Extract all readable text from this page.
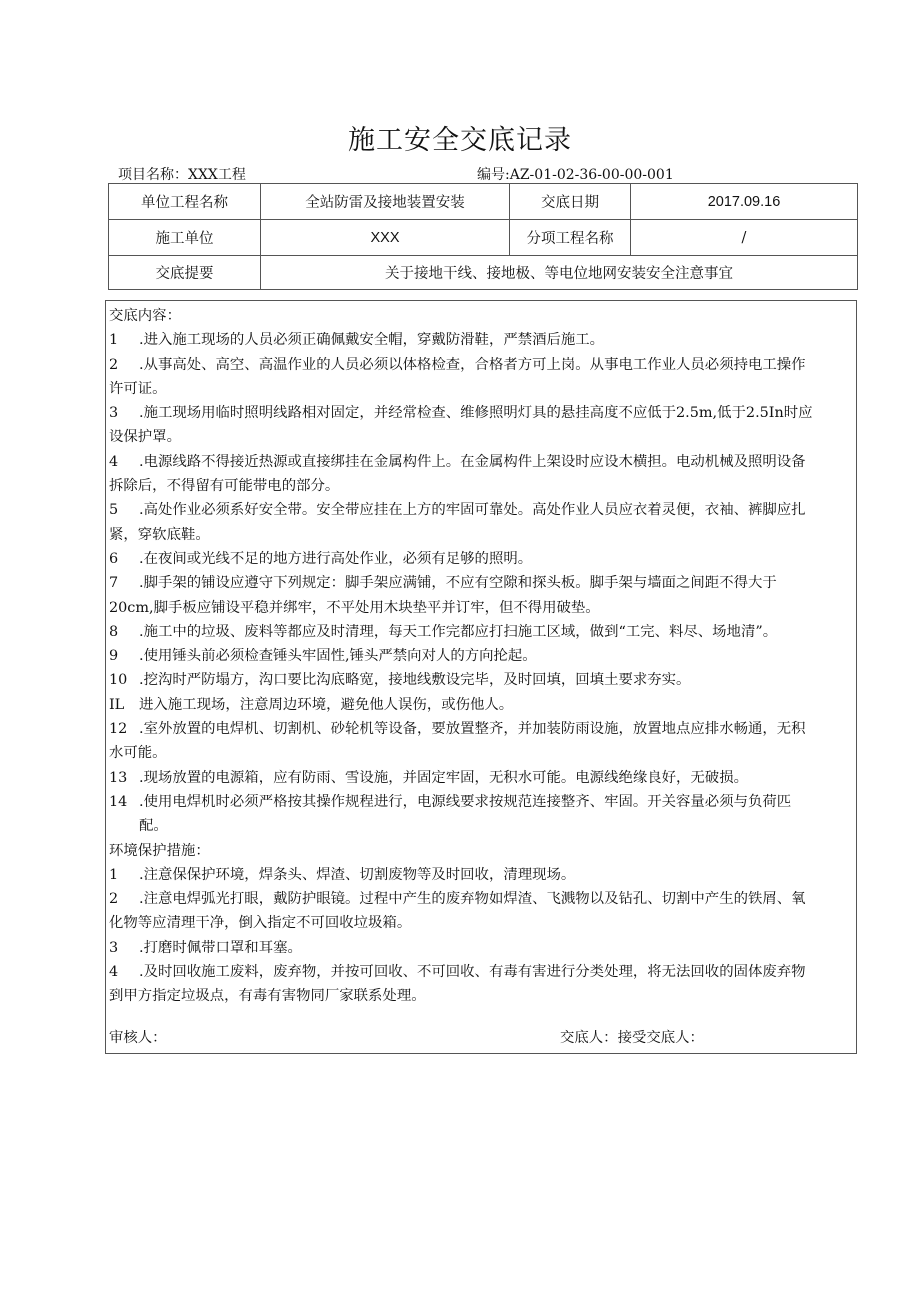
施工安全交底记录
项目名称：XXX工程	编号:AZ-01-02-36-00-00-001
单位工程名称	全站防雷及接地装置安装	交底日期	2017.09.16
施工单位	XXX	分项工程名称	/
交底提要	关于接地干线、接地极、等电位地网安装安全注意事宜		

交底内容：

1 .进入施工现场的人员必须正确佩戴安全帽，穿戴防滑鞋，严禁酒后施工。
2 .从事高处、高空、高温作业的人员必须以体格检查，合格者方可上岗。从事电工作业人员必须持电工操作
许可证。
3 .施工现场用临时照明线路相对固定，并经常检查、维修照明灯具的悬挂高度不应低于2.5m,低于2.5In时应
设保护罩。
4 .电源线路不得接近热源或直接绑挂在金属构件上。在金属构件上架设时应设木横担。电动机械及照明设备
拆除后，不得留有可能带电的部分。
5 .高处作业必须系好安全带。安全带应挂在上方的牢固可靠处。高处作业人员应衣着灵便，衣袖、裤脚应扎
紧，穿软底鞋。
6 .在夜间或光线不足的地方进行高处作业，必须有足够的照明。
7 .脚手架的铺设应遵守下列规定：脚手架应满铺，不应有空隙和探头板。脚手架与墙面之间距不得大于
20cm,脚手板应铺设平稳并绑牢，不平处用木块垫平并订牢，但不得用破垫。
8 .施工中的垃圾、废料等都应及时清理，每天工作完都应打扫施工区域，做到“工完、料尽、场地清”。
9 .使用锤头前必须检查锤头牢固性,锤头严禁向对人的方向抡起。
10 .挖沟时严防塌方，沟口要比沟底略宽，接地线敷设完毕，及时回填，回填土要求夯实。
IL 进入施工现场，注意周边环境，避免他人误伤，或伤他人。
12 .室外放置的电焊机、切割机、砂轮机等设备，要放置整齐，并加装防雨设施，放置地点应排水畅通，无积
水可能。
13 .现场放置的电源箱，应有防雨、雪设施，并固定牢固，无积水可能。电源线绝缘良好，无破损。
14 .使用电焊机时必须严格按其操作规程进行，电源线要求按规范连接整齐、牢固。开关容量必须与负荷匹
配。

环境保护措施：

1 .注意保保护环境，焊条头、焊渣、切割废物等及时回收，清理现场。
2 .注意电焊弧光打眼，戴防护眼镜。过程中产生的废弃物如焊渣、飞溅物以及钻孔、切割中产生的铁屑、氧
化物等应清理干净，倒入指定不可回收垃圾箱。
3 .打磨时佩带口罩和耳塞。
4 .及时回收施工废料，废弃物，并按可回收、不可回收、有毒有害进行分类处理，将无法回收的固体废弃物
到甲方指定垃圾点，有毒有害物同厂家联系处理。
审核人：	交底人：接受交底人：
